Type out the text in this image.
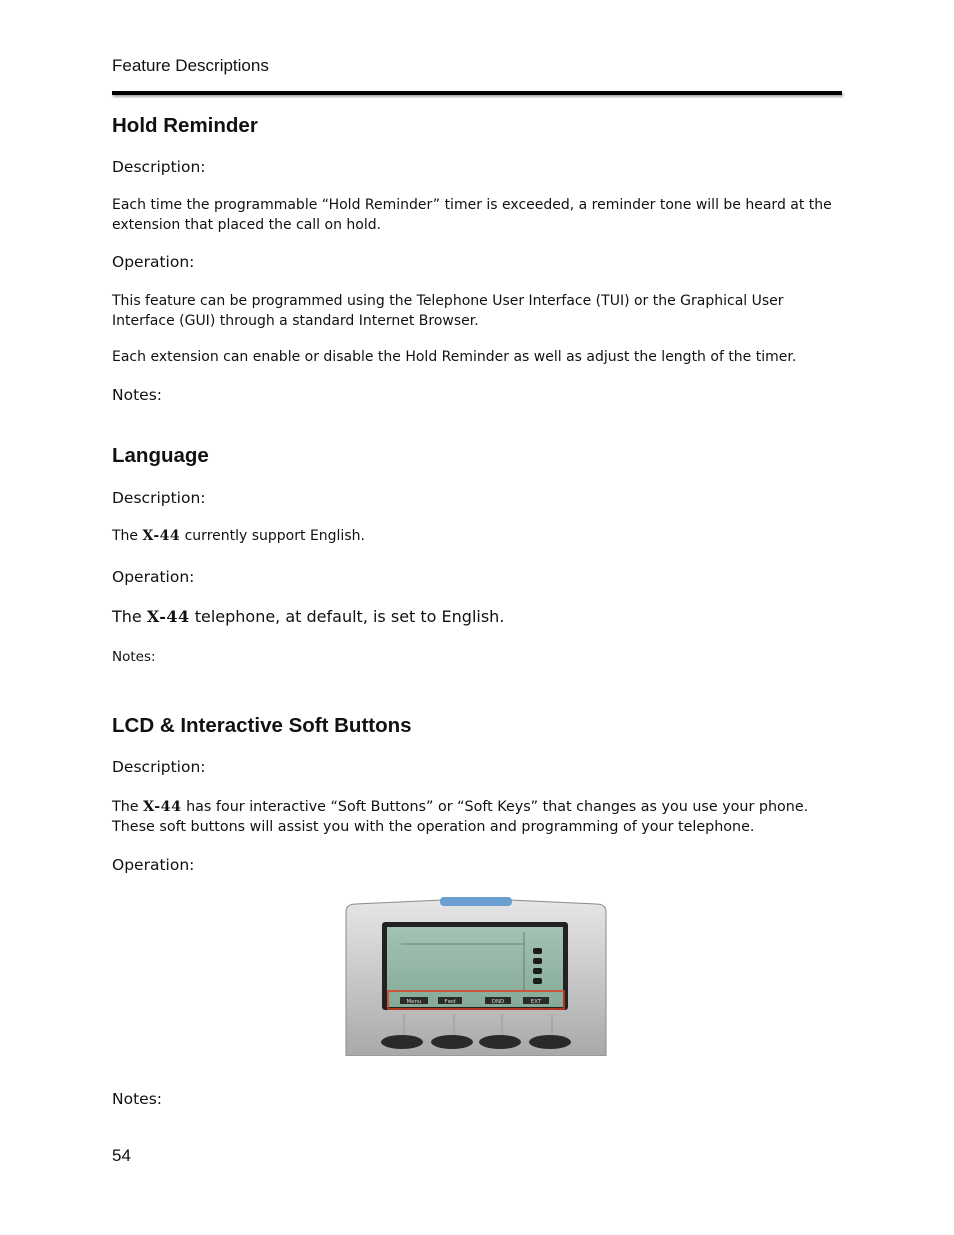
Feature Descriptions
Hold Reminder
Description:
Each time the programmable “Hold Reminder” timer is exceeded, a reminder tone will be heard at the extension that placed the call on hold.
Operation:
This feature can be programmed using the Telephone User Interface (TUI) or the Graphical User Interface (GUI) through a standard Internet Browser.
Each extension can enable or disable the Hold Reminder as well as adjust the length of the timer.
Notes:
Language
Description:
The X-44 currently support English.
Operation:
The X-44 telephone, at default, is set to English.
Notes:
LCD & Interactive Soft Buttons
Description:
The X-44 has four interactive “Soft Buttons” or “Soft Keys” that changes as you use your phone. These soft buttons will assist you with the operation and programming of your telephone.
Operation:
Menu	Fwd	DND	EXT
Notes:
54
